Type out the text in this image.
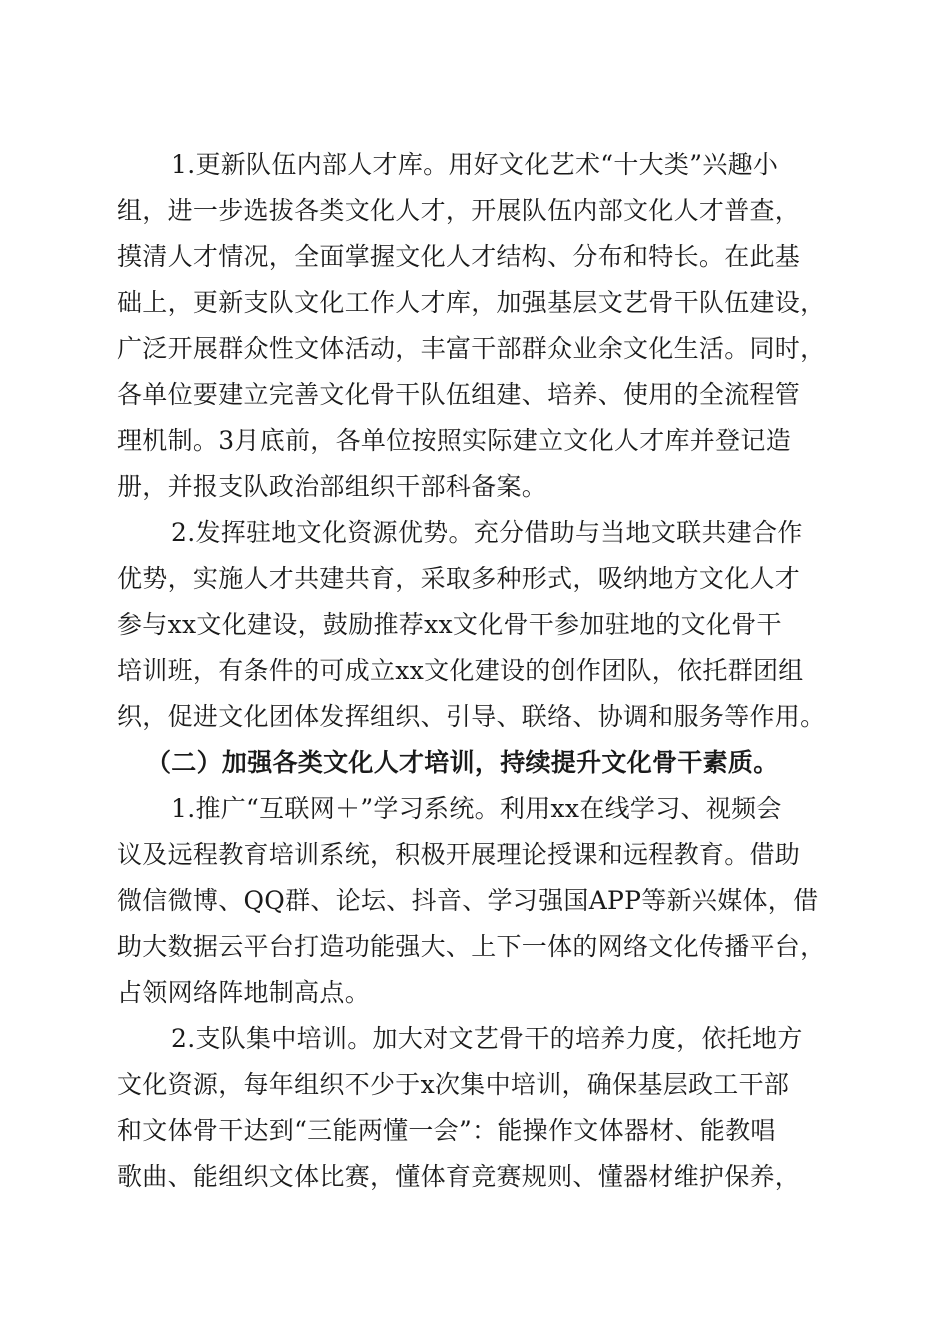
1.更新队伍内部人才库。用好文化艺术“十大类”兴趣小
组，进一步选拔各类文化人才，开展队伍内部文化人才普查，
摸清人才情况，全面掌握文化人才结构、分布和特长。在此基
础上，更新支队文化工作人才库，加强基层文艺骨干队伍建设，
广泛开展群众性文体活动，丰富干部群众业余文化生活。同时，
各单位要建立完善文化骨干队伍组建、培养、使用的全流程管
理机制。3月底前，各单位按照实际建立文化人才库并登记造
册，并报支队政治部组织干部科备案。
2.发挥驻地文化资源优势。充分借助与当地文联共建合作
优势，实施人才共建共育，采取多种形式，吸纳地方文化人才
参与xx文化建设，鼓励推荐xx文化骨干参加驻地的文化骨干
培训班，有条件的可成立xx文化建设的创作团队，依托群团组
织，促进文化团体发挥组织、引导、联络、协调和服务等作用。
（二）加强各类文化人才培训，持续提升文化骨干素质。
1.推广“互联网＋”学习系统。利用xx在线学习、视频会
议及远程教育培训系统，积极开展理论授课和远程教育。借助
微信微博、QQ群、论坛、抖音、学习强国APP等新兴媒体，借
助大数据云平台打造功能强大、上下一体的网络文化传播平台，
占领网络阵地制高点。
2.支队集中培训。加大对文艺骨干的培养力度，依托地方
文化资源，每年组织不少于x次集中培训，确保基层政工干部
和文体骨干达到“三能两懂一会”：能操作文体器材、能教唱
歌曲、能组织文体比赛，懂体育竞赛规则、懂器材维护保养，
